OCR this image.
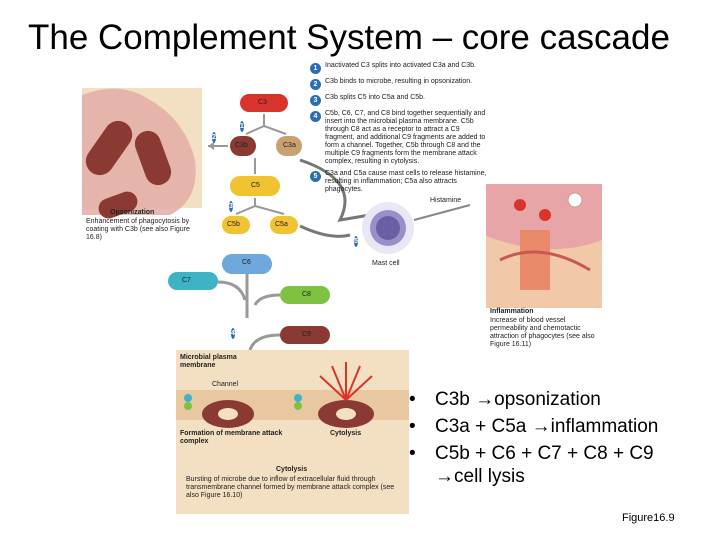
The Complement System – core cascade
C3
C3b	C3a
C5
C5b	C5a
C6
C7
C8
C9
1
2
3
4
5
Opsonization
Enhancement of phagocytosis by coating with C3b (see also Figure 16.8)
Histamine
Mast cell
Inflammation
Increase of blood vessel permeability and chemotactic attraction of phagocytes (see also Figure 16.11)
Microbial plasma membrane
Channel
Formation of membrane attack complex
Cytolysis
Cytolysis
Bursting of microbe due to inflow of extracellular fluid through transmembrane channel formed by membrane attack complex (see also Figure 16.10)
1	Inactivated C3 splits into activated C3a and C3b.
2	C3b binds to microbe, resulting in opsonization.
3	C3b splits C5 into C5a and C5b.
4	C5b, C6, C7, and C8 bind together sequentially and insert into the microbial plasma membrane. C5b through C8 act as a receptor to attract a C9 fragment, and additional C9 fragments are added to form a channel. Together, C5b through C8 and the multiple C9 fragments form the membrane attack complex, resulting in cytolysis.
5	C3a and C5a cause mast cells to release histamine, resulting in inflammation; C5a also attracts phagocytes.
• C3b →opsonization
• C3a + C5a →inflammation
• C5b + C6 + C7 + C8 + C9
→cell lysis
Figure16.9
